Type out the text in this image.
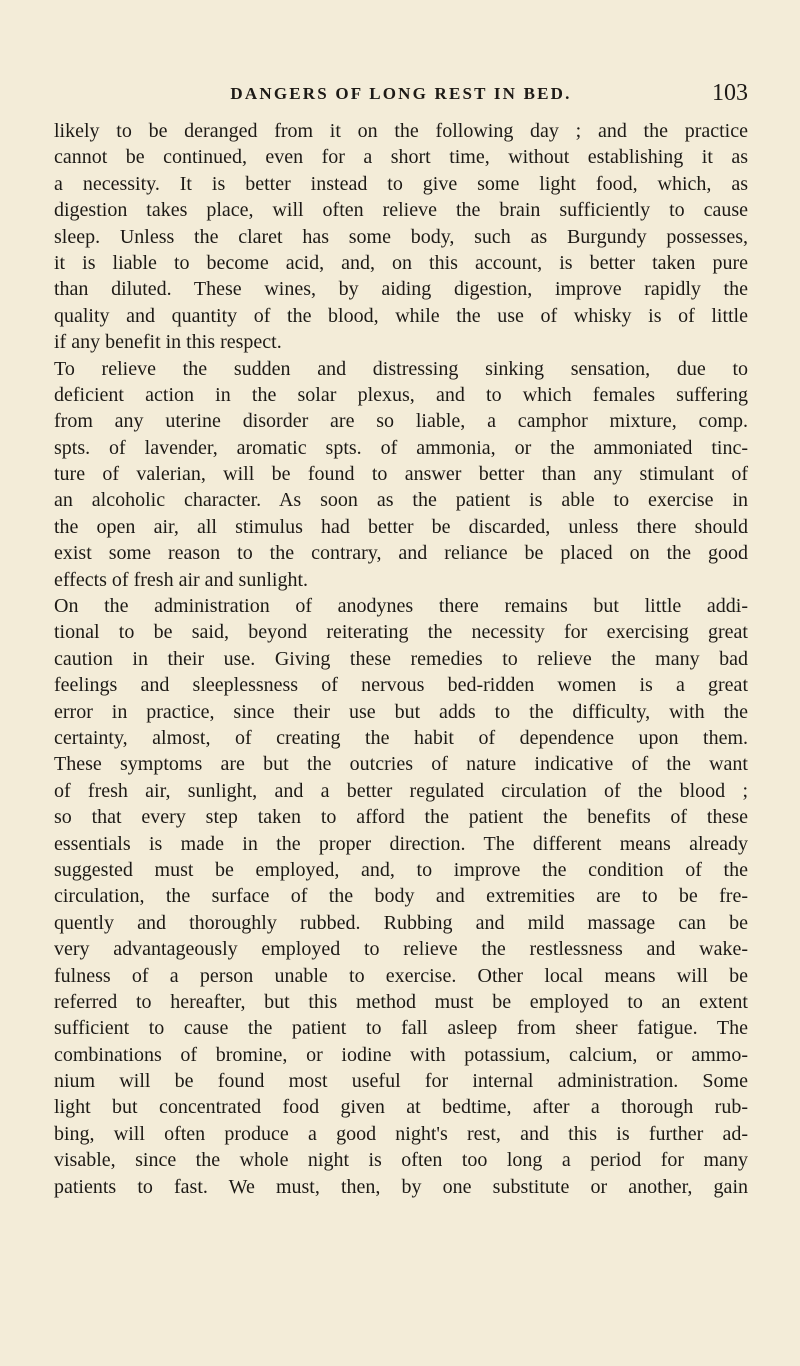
DANGERS OF LONG REST IN BED.	103
likely to be deranged from it on the following day ; and the practice
cannot be continued, even for a short time, without establishing it as
a necessity. It is better instead to give some light food, which, as
digestion takes place, will often relieve the brain sufficiently to cause
sleep. Unless the claret has some body, such as Burgundy possesses,
it is liable to become acid, and, on this account, is better taken pure
than diluted. These wines, by aiding digestion, improve rapidly the
quality and quantity of the blood, while the use of whisky is of little
if any benefit in this respect.
To relieve the sudden and distressing sinking sensation, due to
deficient action in the solar plexus, and to which females suffering
from any uterine disorder are so liable, a camphor mixture, comp.
spts. of lavender, aromatic spts. of ammonia, or the ammoniated tinc-
ture of valerian, will be found to answer better than any stimulant of
an alcoholic character. As soon as the patient is able to exercise in
the open air, all stimulus had better be discarded, unless there should
exist some reason to the contrary, and reliance be placed on the good
effects of fresh air and sunlight.
On the administration of anodynes there remains but little addi-
tional to be said, beyond reiterating the necessity for exercising great
caution in their use. Giving these remedies to relieve the many bad
feelings and sleeplessness of nervous bed-ridden women is a great
error in practice, since their use but adds to the difficulty, with the
certainty, almost, of creating the habit of dependence upon them.
These symptoms are but the outcries of nature indicative of the want
of fresh air, sunlight, and a better regulated circulation of the blood ;
so that every step taken to afford the patient the benefits of these
essentials is made in the proper direction. The different means already
suggested must be employed, and, to improve the condition of the
circulation, the surface of the body and extremities are to be fre-
quently and thoroughly rubbed. Rubbing and mild massage can be
very advantageously employed to relieve the restlessness and wake-
fulness of a person unable to exercise. Other local means will be
referred to hereafter, but this method must be employed to an extent
sufficient to cause the patient to fall asleep from sheer fatigue. The
combinations of bromine, or iodine with potassium, calcium, or ammo-
nium will be found most useful for internal administration. Some
light but concentrated food given at bedtime, after a thorough rub-
bing, will often produce a good night's rest, and this is further ad-
visable, since the whole night is often too long a period for many
patients to fast. We must, then, by one substitute or another, gain
